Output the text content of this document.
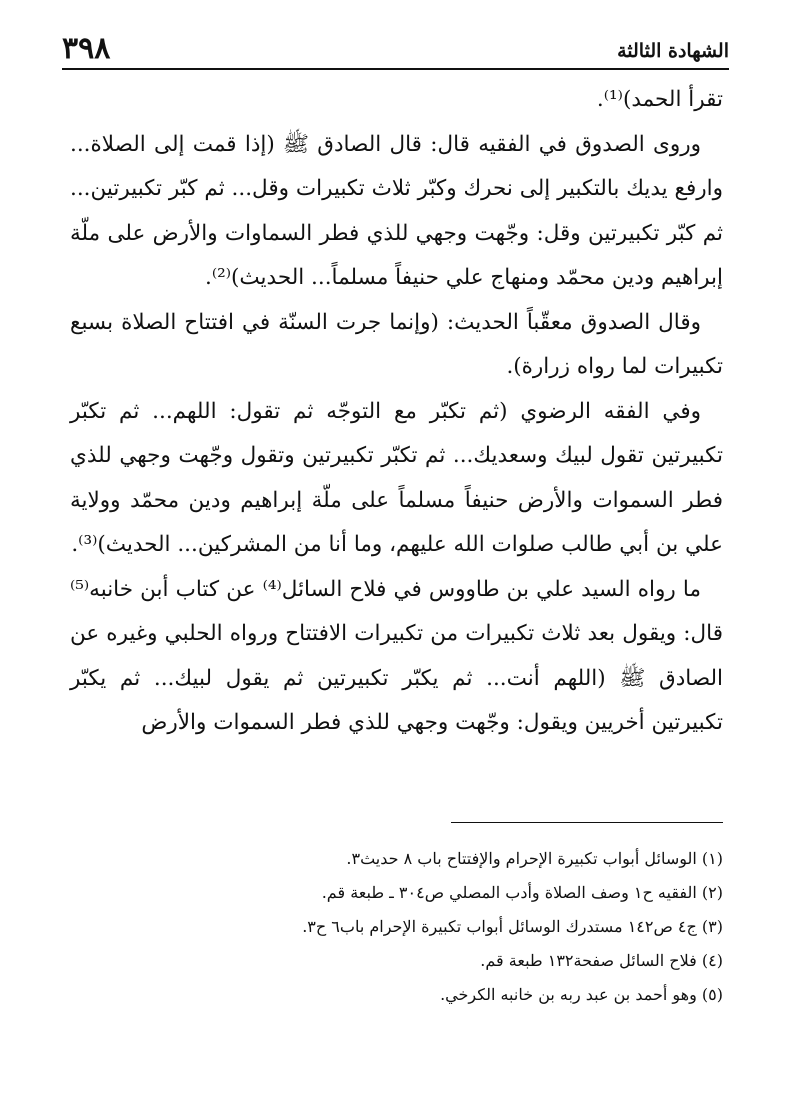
الشهادة الثالثة
٣٩٨

تقرأ الحمد)⁽¹⁾.

وروى الصدوق في الفقيه قال: قال الصادق ﷺ (إذا قمت إلى الصلاة... وارفع يديك بالتكبير إلى نحرك وكبّر ثلاث تكبيرات وقل... ثم كبّر تكبيرتين... ثم كبّر تكبيرتين وقل: وجّهت وجهي للذي فطر السماوات والأرض على ملّة إبراهيم ودين محمّد ومنهاج علي حنيفاً مسلماً... الحديث)⁽²⁾.

وقال الصدوق معقّباً الحديث: (وإنما جرت السنّة في افتتاح الصلاة بسبع تكبيرات لما رواه زرارة).

وفي الفقه الرضوي (ثم تكبّر مع التوجّه ثم تقول: اللهم... ثم تكبّر تكبيرتين تقول لبيك وسعديك... ثم تكبّر تكبيرتين وتقول وجّهت وجهي للذي فطر السموات والأرض حنيفاً مسلماً على ملّة إبراهيم ودين محمّد وولاية علي بن أبي طالب صلوات الله عليهم، وما أنا من المشركين... الحديث)⁽³⁾.

ما رواه السيد علي بن طاووس في فلاح السائل⁽⁴⁾ عن كتاب أبن خانبه⁽⁵⁾ قال: ويقول بعد ثلاث تكبيرات من تكبيرات الافتتاح ورواه الحلبي وغيره عن الصادق ﷺ (اللهم أنت... ثم يكبّر تكبيرتين ثم يقول لبيك... ثم يكبّر تكبيرتين أخريين ويقول: وجّهت وجهي للذي فطر السموات والأرض

(١) الوسائل أبواب تكبيرة الإحرام والإفتتاح باب ٨ حديث٣.

(٢) الفقيه ح١ وصف الصلاة وأدب المصلي ص٣٠٤ ـ طبعة قم.

(٣) ج٤ ص١٤٢ مستدرك الوسائل أبواب تكبيرة الإحرام باب٦ ح٣.

(٤) فلاح السائل صفحة١٣٢ طبعة قم.

(٥) وهو أحمد بن عبد ربه بن خانبه الكرخي.
